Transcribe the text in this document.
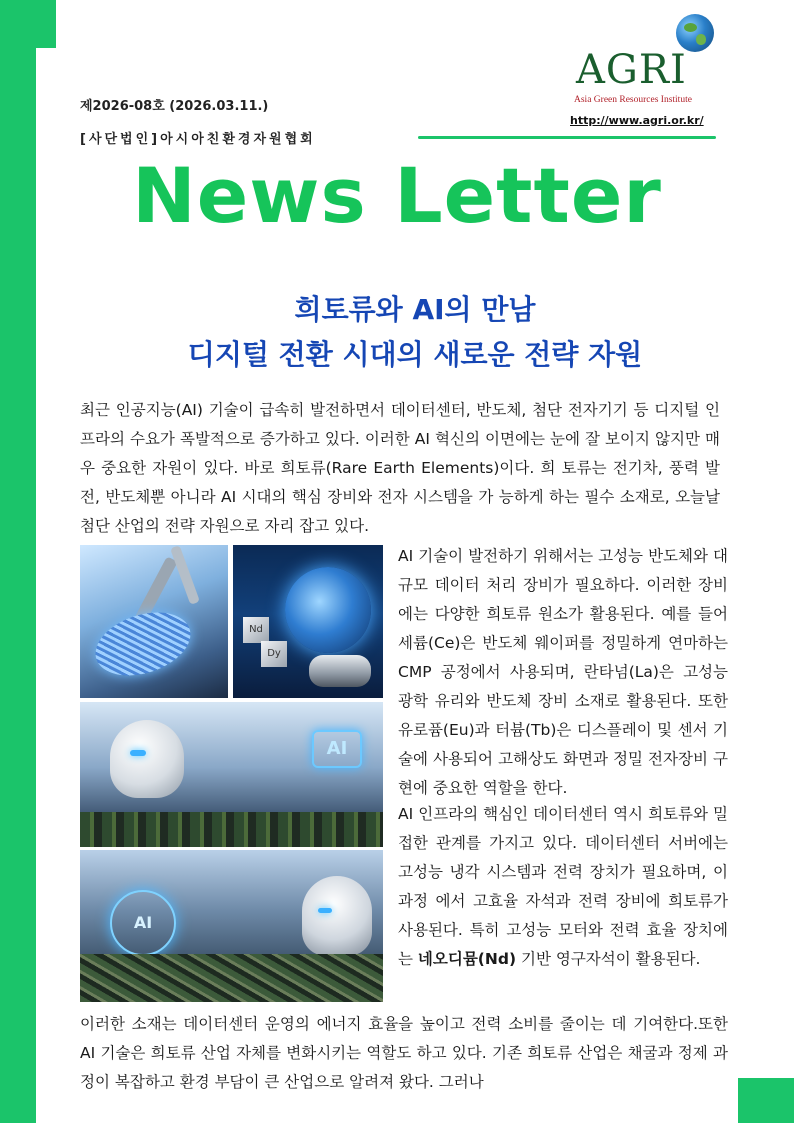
제2026-08호 (2026.03.11.)
[사단법인]아시아친환경자원협회
AGRI
Asia Green Resources Institute
http://www.agri.or.kr/
News Letter
희토류와 AI의 만남
디지털 전환 시대의 새로운 전략 자원
최근 인공지능(AI) 기술이 급속히 발전하면서 데이터센터, 반도체, 첨단 전자기기 등 디지털 인프라의 수요가 폭발적으로 증가하고 있다. 이러한 AI 혁신의 이면에는 눈에 잘 보이지 않지만 매우 중요한 자원이 있다. 바로 희토류(Rare Earth Elements)이다. 희 토류는 전기차, 풍력 발전, 반도체뿐 아니라 AI 시대의 핵심 장비와 전자 시스템을 가 능하게 하는 필수 소재로, 오늘날 첨단 산업의 전략 자원으로 자리 잡고 있다.
Nd
Dy
AI
AI
AI 기술이 발전하기 위해서는 고성능 반도체와 대규모 데이터 처리 장비가 필요하다. 이러한 장비에는 다양한 희토류 원소가 활용된다. 예를 들어 세륨(Ce)은 반도체 웨이퍼를 정밀하게 연마하는 CMP 공정에서 사용되며, 란타넘(La)은 고성능 광학 유리와 반도체 장비 소재로 활용된다. 또한 유로퓸(Eu)과 터븀(Tb)은 디스플레이 및 센서 기술에 사용되어 고해상도 화면과 정밀 전자장비 구현에 중요한 역할을 한다.
AI 인프라의 핵심인 데이터센터 역시 희토류와 밀접한 관계를 가지고 있다. 데이터센터 서버에는 고성능 냉각 시스템과 전력 장치가 필요하며, 이 과정 에서 고효율 자석과 전력 장비에 희토류가 사용된다. 특히 고성능 모터와 전력 효율 장치에는 네오디뮴(Nd) 기반 영구자석이 활용된다.
이러한 소재는 데이터센터 운영의 에너지 효율을 높이고 전력 소비를 줄이는 데 기여한다.또한 AI 기술은 희토류 산업 자체를 변화시키는 역할도 하고 있다. 기존 희토류 산업은 채굴과 정제 과정이 복잡하고 환경 부담이 큰 산업으로 알려져 왔다. 그러나
